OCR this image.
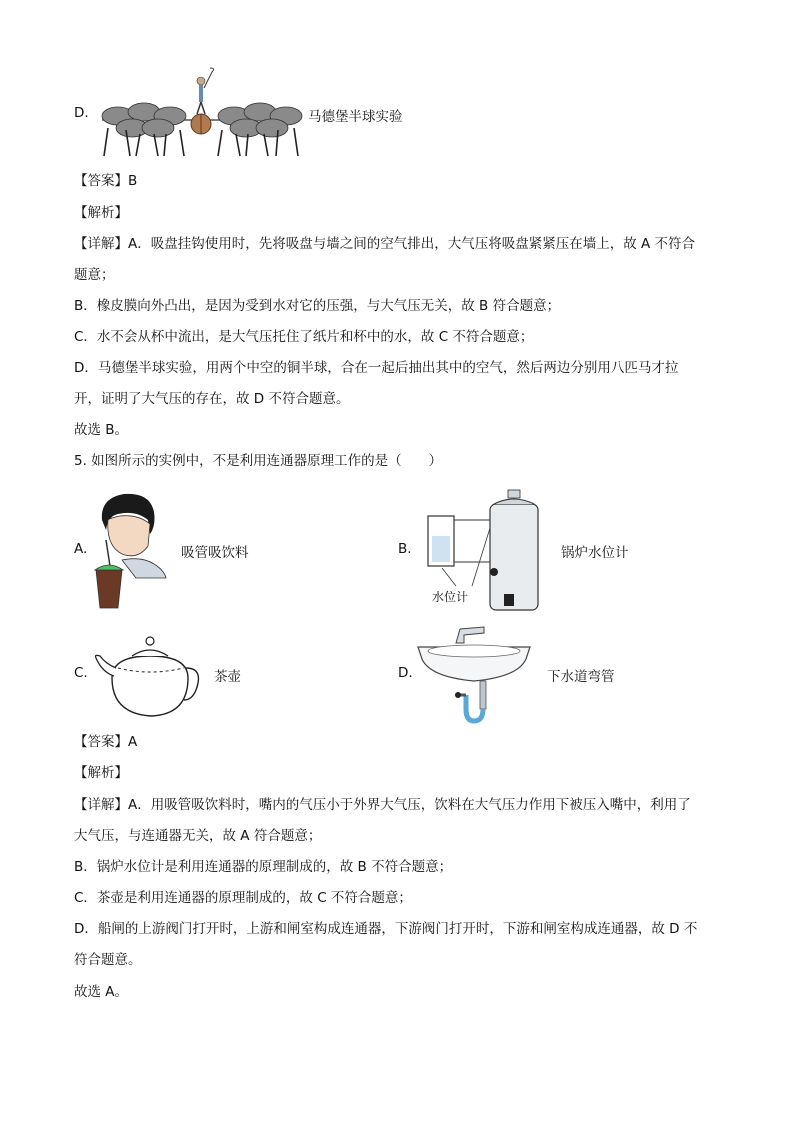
D.	马德堡半球实验
【答案】B
【解析】
【详解】A．吸盘挂钩使用时，先将吸盘与墙之间的空气排出，大气压将吸盘紧紧压在墙上，故 A 不符合
题意；
B．橡皮膜向外凸出，是因为受到水对它的压强，与大气压无关，故 B 符合题意；
C．水不会从杯中流出，是大气压托住了纸片和杯中的水，故 C 不符合题意；
D．马德堡半球实验，用两个中空的铜半球，合在一起后抽出其中的空气，然后两边分别用八匹马才拉
开，证明了大气压的存在，故 D 不符合题意。
故选 B。
5. 如图所示的实例中，不是利用连通器原理工作的是（　　）
A.	吸管吸饮料	B.
水位计
锅炉水位计
C.	茶壶	D.	下水道弯管
【答案】A
【解析】
【详解】A．用吸管吸饮料时，嘴内的气压小于外界大气压，饮料在大气压力作用下被压入嘴中，利用了
大气压，与连通器无关，故 A 符合题意；
B．锅炉水位计是利用连通器的原理制成的，故 B 不符合题意；
C．茶壶是利用连通器的原理制成的，故 C 不符合题意；
D．船闸的上游阀门打开时，上游和闸室构成连通器，下游阀门打开时，下游和闸室构成连通器，故 D 不
符合题意。
故选 A。
